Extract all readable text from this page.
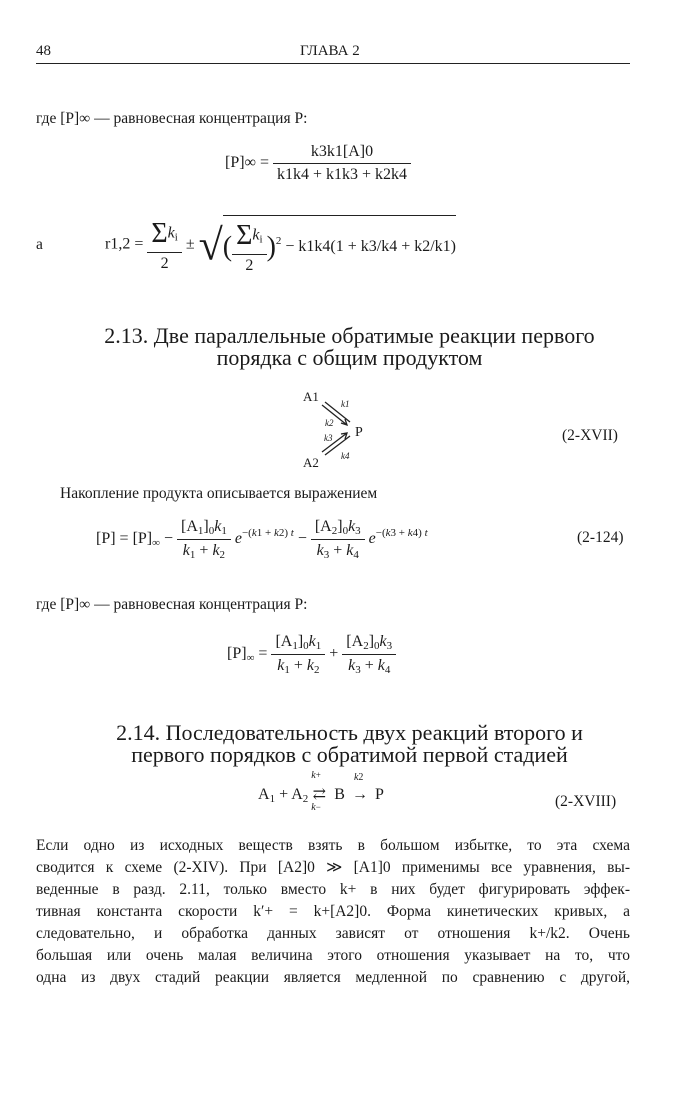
48	ГЛАВА 2
где [P]∞ — равновесная концентрация P:
$[P]\infty = \frac{k3k1[A]0}{k1k4 + k1k3 + k2k4}$
а	$r1,2 = \frac{\Sigma k_i}{2}$ ± √( $\frac{\Sigma k_i}{2} )^2 - k1k4(1 + k3/k4 + k2/k1)$
2.13. Две параллельные обратимые реакции первого
порядка с общим продуктом
A1
A2
P
k1
k2
k3
k4
(2-XVII)
Накопление продукта описывается выражением
$[P] = [P]_\infty - \frac{[A_1]_0k_1}{k_1 + k_2} e^{-(k1 + k2) t} - \frac{[A_2]_0k_3}{k_3 + k_4} e^{-(k3 + k4) t}$	(2-124)
где [P]∞ — равновесная концентрация P:
$[P]_\infty = \frac{[A_1]_0k_1}{k_1 + k_2} + \frac{[A_2]_0k_3}{k_3 + k_4}$
2.14. Последовательность двух реакций второго и
первого порядков с обратимой первой стадией
$A_1 + A_2$
k+
⇄
k−
B
k2
→ P	(2-XVIII)
Если одно из исходных веществ взять в большом избытке, то эта схема
сводится к схеме (2-XIV). При [A2]0 ≫ [A1]0 применимы все уравнения, вы-
веденные в разд. 2.11, только вместо k+ в них будет фигурировать эффек-
тивная константа скорости k′+ = k+[A2]0. Форма кинетических кривых, а
следовательно, и обработка данных зависят от отношения k+/k2. Очень
большая или очень малая величина этого отношения указывает на то, что
одна из двух стадий реакции является медленной по сравнению с другой,
